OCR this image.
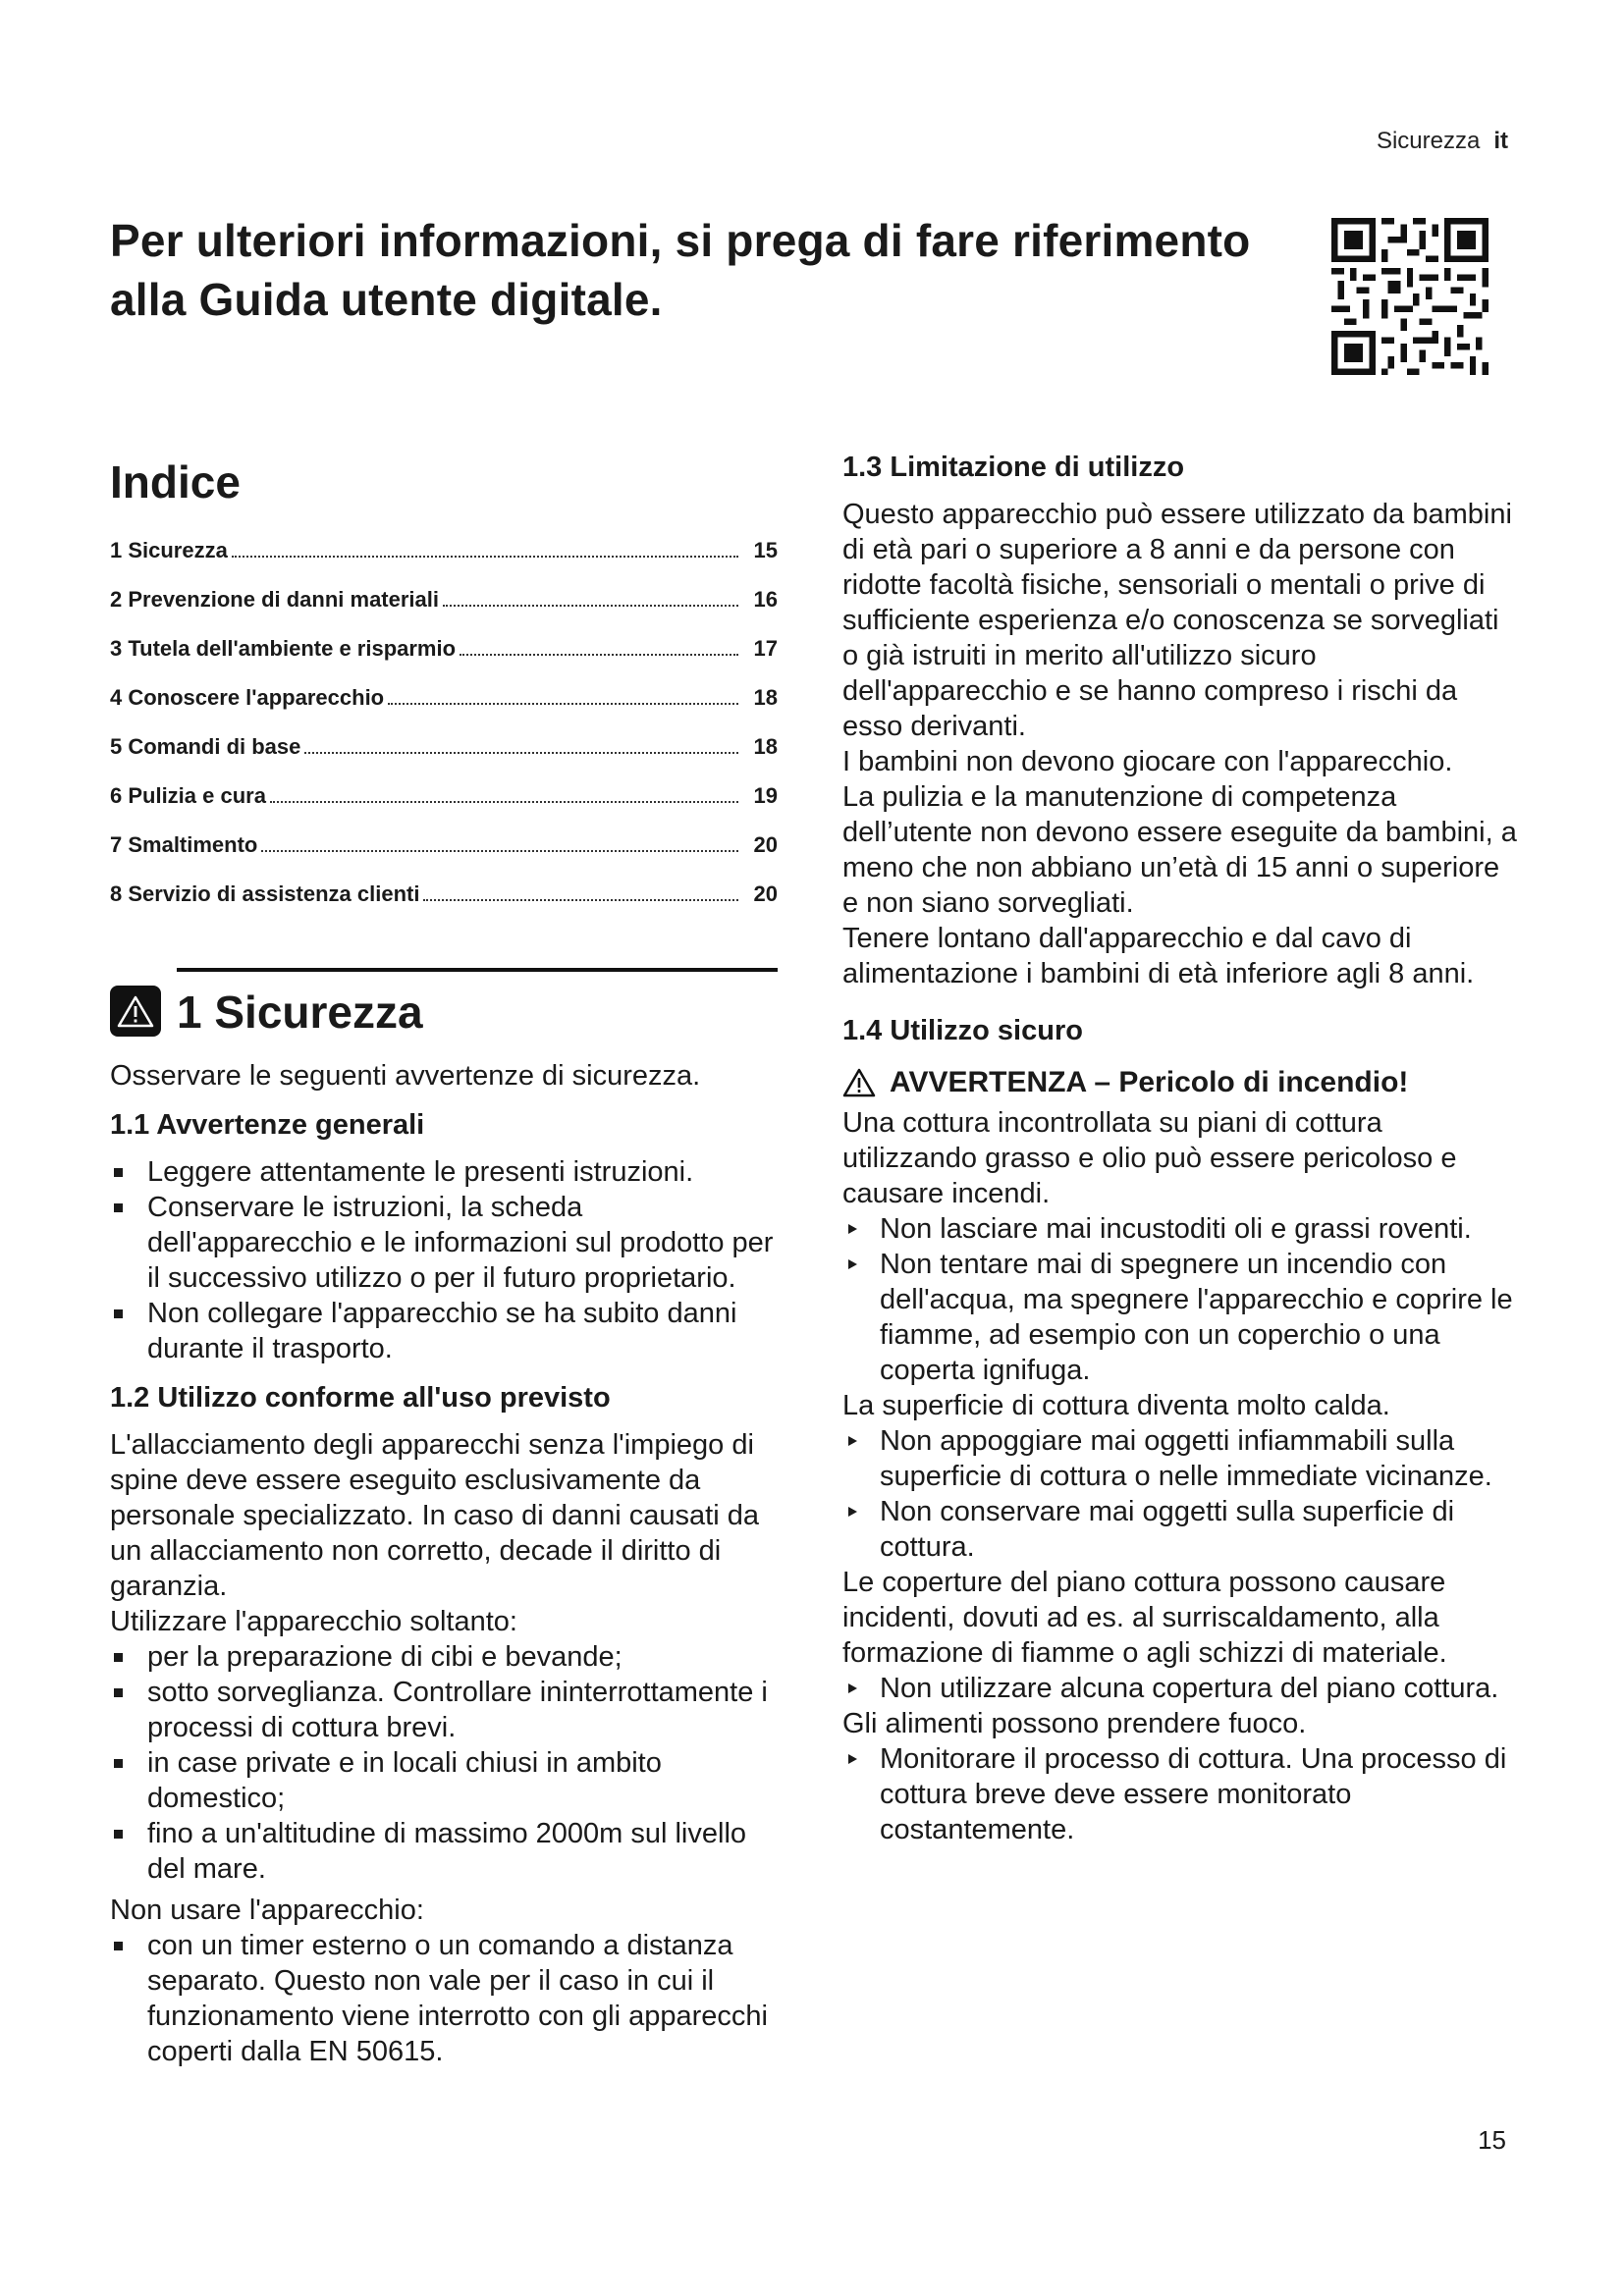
Sicurezza it
Per ulteriori informazioni, si prega di fare riferimento
alla Guida utente digitale.
Indice
1 Sicurezza	15
2 Prevenzione di danni materiali	16
3 Tutela dell'ambiente e risparmio	17
4 Conoscere l'apparecchio	18
5 Comandi di base	18
6 Pulizia e cura	19
7 Smaltimento	20
8 Servizio di assistenza clienti	20
1 Sicurezza

Osservare le seguenti avvertenze di sicurezza.

1.1 Avvertenze generali
Leggere attentamente le presenti istruzioni.
Conservare le istruzioni, la scheda dell'apparecchio e le informazioni sul prodotto per il successivo utilizzo o per il futuro proprietario.
Non collegare l'apparecchio se ha subito danni durante il trasporto.
1.2 Utilizzo conforme all'uso previsto

L'allacciamento degli apparecchi senza l'impiego di spine deve essere eseguito esclusivamente da personale specializzato. In caso di danni causati da un allacciamento non corretto, decade il diritto di garanzia.

Utilizzare l'apparecchio soltanto:

per la preparazione di cibi e bevande;
sotto sorveglianza. Controllare ininterrottamente i processi di cottura brevi.
in case private e in locali chiusi in ambito domestico;
fino a un'altitudine di massimo 2000m sul livello del mare.

Non usare l'apparecchio:

con un timer esterno o un comando a distanza separato. Questo non vale per il caso in cui il funzionamento viene interrotto con gli apparecchi coperti dalla EN 50615.
1.3 Limitazione di utilizzo

Questo apparecchio può essere utilizzato da bambini di età pari o superiore a 8 anni e da persone con ridotte facoltà fisiche, sensoriali o mentali o prive di sufficiente esperienza e/o conoscenza se sorvegliati o già istruiti in merito all'utilizzo sicuro dell'apparecchio e se hanno compreso i rischi da esso derivanti.

I bambini non devono giocare con l'apparecchio.

La pulizia e la manutenzione di competenza dell’utente non devono essere eseguite da bambini, a meno che non abbiano un’età di 15 anni o superiore e non siano sorvegliati.

Tenere lontano dall'apparecchio e dal cavo di alimentazione i bambini di età inferiore agli 8 anni.

1.4 Utilizzo sicuro
AVVERTENZA – Pericolo di incendio!

Una cottura incontrollata su piani di cottura utilizzando grasso e olio può essere pericoloso e causare incendi.

Non lasciare mai incustoditi oli e grassi roventi.
Non tentare mai di spegnere un incendio con dell'acqua, ma spegnere l'apparecchio e coprire le fiamme, ad esempio con un coperchio o una coperta ignifuga.

La superficie di cottura diventa molto calda.

Non appoggiare mai oggetti infiammabili sulla superficie di cottura o nelle immediate vicinanze.
Non conservare mai oggetti sulla superficie di cottura.

Le coperture del piano cottura possono causare incidenti, dovuti ad es. al surriscaldamento, alla formazione di fiamme o agli schizzi di materiale.

Non utilizzare alcuna copertura del piano cottura.

Gli alimenti possono prendere fuoco.

Monitorare il processo di cottura. Una processo di cottura breve deve essere monitorato costantemente.
15
